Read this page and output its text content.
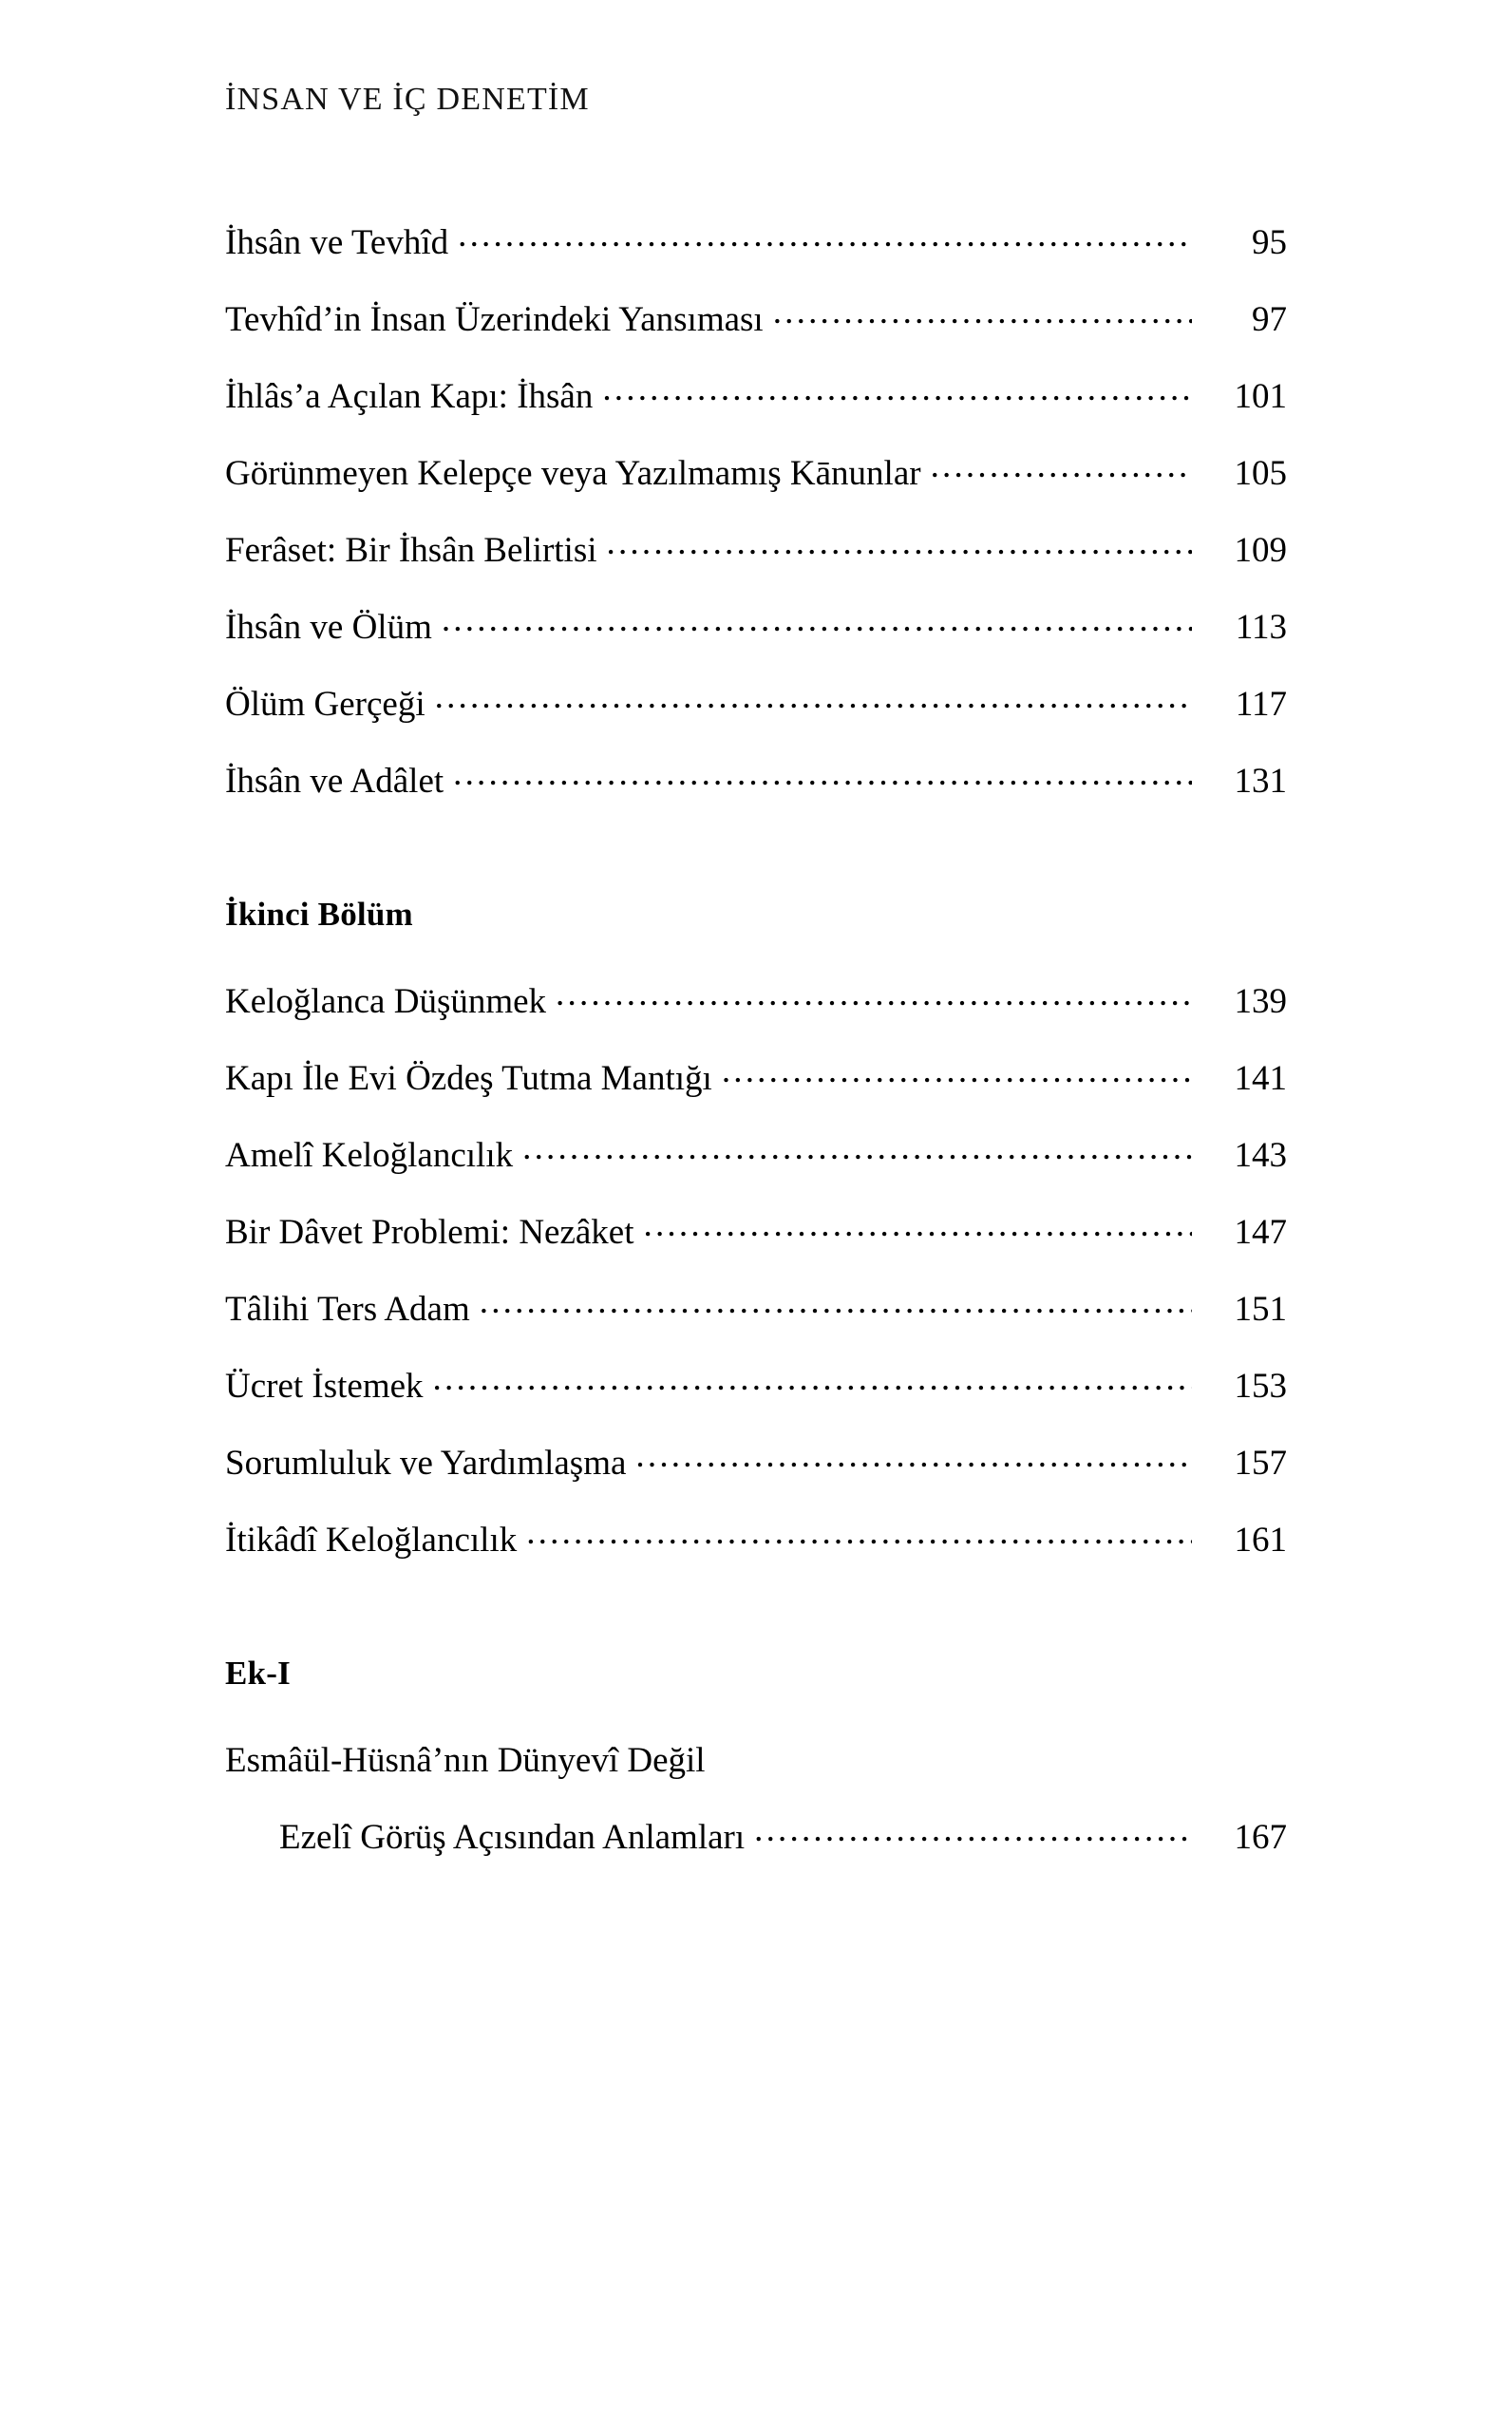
İNSAN VE İÇ DENETİM
İhsân ve Tevhîd .....	95
Tevhîd’in İnsan Üzerindeki Yansıması .....	97
İhlâs’a Açılan Kapı: İhsân .....	101
Görünmeyen Kelepçe veya Yazılmamış Kānunlar .....	105
Ferâset: Bir İhsân Belirtisi .....	109
İhsân ve Ölüm .....	113
Ölüm Gerçeği .....	117
İhsân ve Adâlet .....	131
İkinci Bölüm
Keloğlanca Düşünmek .....	139
Kapı İle Evi Özdeş Tutma Mantığı .....	141
Amelî Keloğlancılık .....	143
Bir Dâvet Problemi: Nezâket .....	147
Tâlihi Ters Adam .....	151
Ücret İstemek .....	153
Sorumluluk ve Yardımlaşma .....	157
İtikâdî Keloğlancılık .....	161
Ek-I
Esmâül-Hüsnâ’nın Dünyevî Değil
Ezelî Görüş Açısından Anlamları .....	167
